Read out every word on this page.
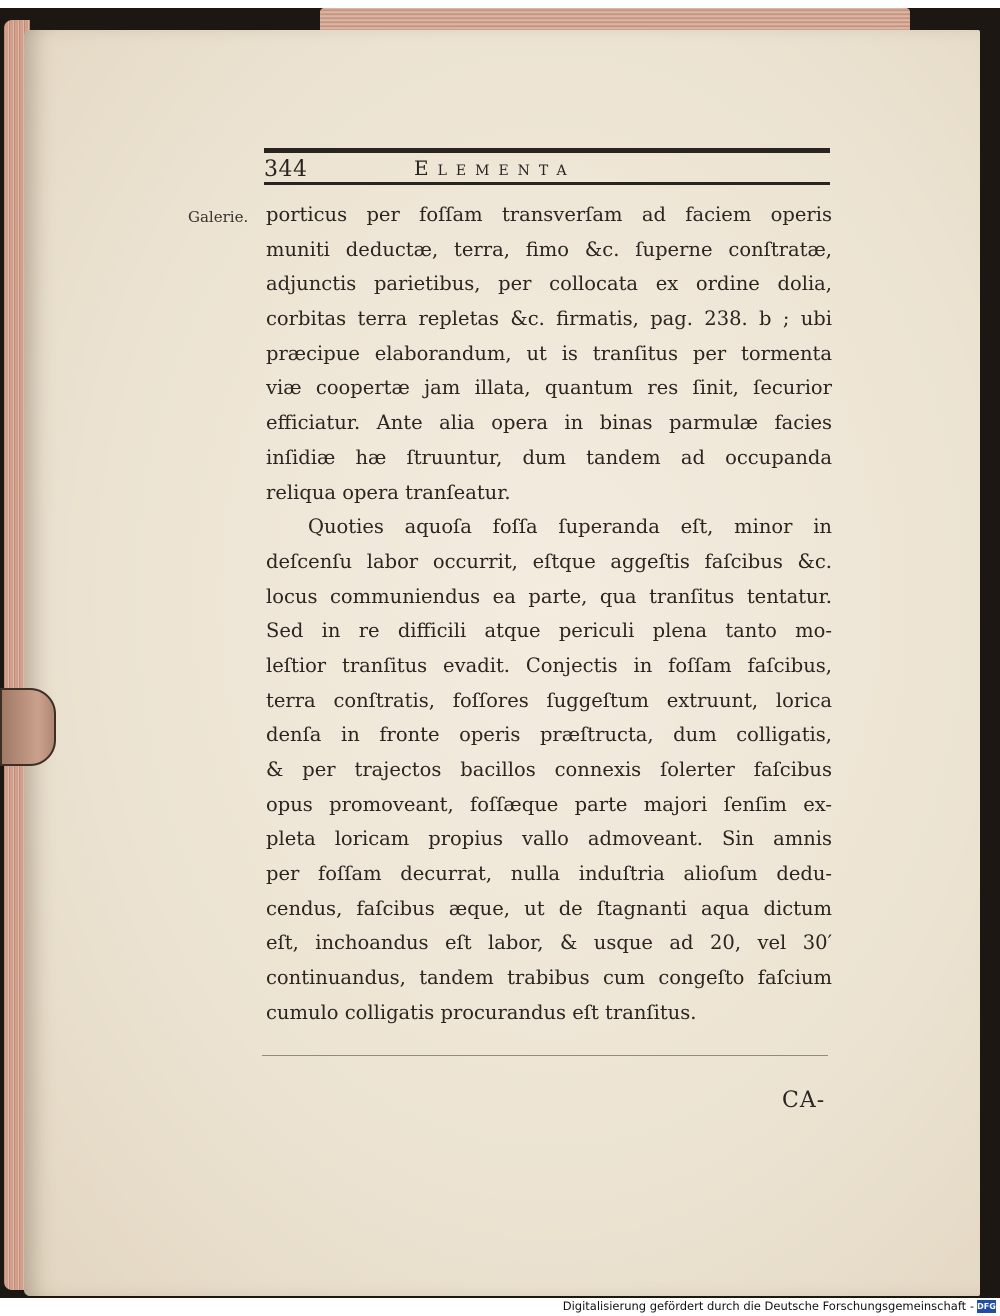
344	Elementa
Galerie. porticus per foſſam transverſam ad faciem operis
muniti deductæ, terra, fimo &c. ſuperne conſtratæ,
adjunctis parietibus, per collocata ex ordine dolia,
corbitas terra repletas &c. firmatis, pag. 238. b ; ubi
præcipue elaborandum, ut is tranſitus per tormenta
viæ coopertæ jam illata, quantum res ſinit, ſecurior
efficiatur. Ante alia opera in binas parmulæ facies
inſidiæ hæ ſtruuntur, dum tandem ad occupanda
reliqua opera tranſeatur.
Quoties aquoſa foſſa ſuperanda eſt, minor in
deſcenſu labor occurrit, eſtque aggeſtis faſcibus &c.
locus communiendus ea parte, qua tranſitus tentatur.
Sed in re difficili atque periculi plena tanto mo-
leſtior tranſitus evadit. Conjectis in foſſam faſcibus,
terra conſtratis, foſſores ſuggeſtum extruunt, lorica
denſa in fronte operis præſtructa, dum colligatis,
& per trajectos bacillos connexis ſolerter faſcibus
opus promoveant, foſſæque parte majori ſenſim ex-
pleta loricam propius vallo admoveant. Sin amnis
per foſſam decurrat, nulla induſtria alioſum dedu-
cendus, faſcibus æque, ut de ſtagnanti aqua dictum
eſt, inchoandus eſt labor, & usque ad 20, vel 30′
continuandus, tandem trabibus cum congeſto faſcium
cumulo colligatis procurandus eſt tranſitus.
CA-
Digitalisierung gefördert durch die Deutsche Forschungsgemeinschaft - DFG
